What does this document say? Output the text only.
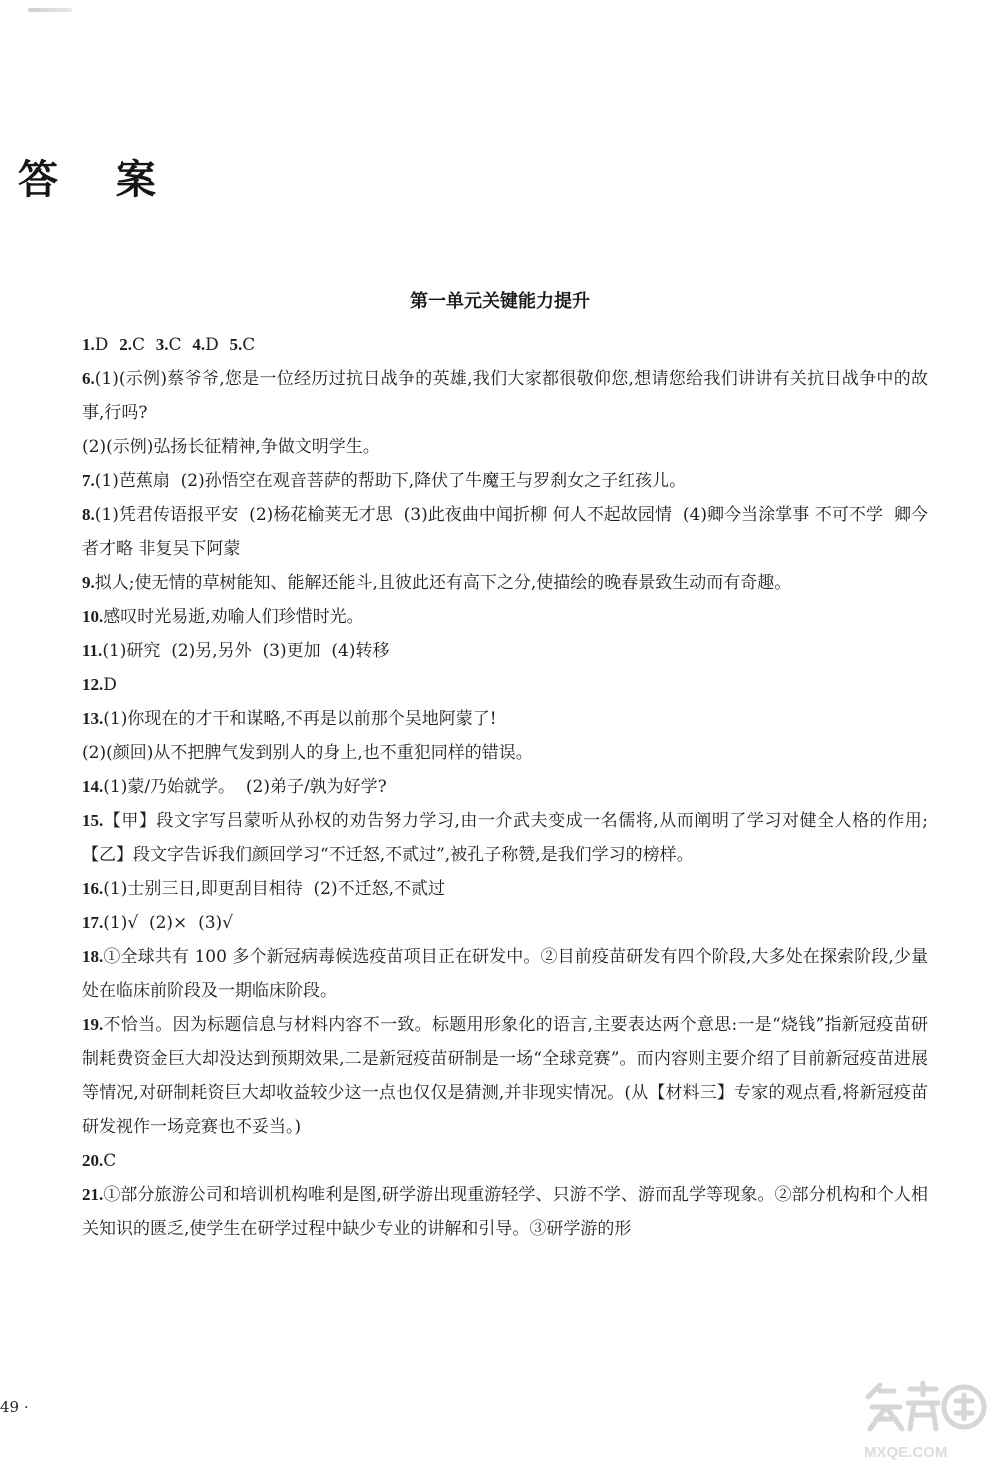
答 案
第一单元关键能力提升

1.D  2.C  3.C  4.D  5.C

6.(1)(示例)蔡爷爷,您是一位经历过抗日战争的英雄,我们大家都很敬仰您,想请您给我们讲讲有关抗日战争中的故事,行吗?

(2)(示例)弘扬长征精神,争做文明学生。

7.(1)芭蕉扇  (2)孙悟空在观音菩萨的帮助下,降伏了牛魔王与罗刹女之子红孩儿。

8.(1)凭君传语报平安  (2)杨花榆荚无才思  (3)此夜曲中闻折柳 何人不起故园情  (4)卿今当涂掌事 不可不学  卿今者才略 非复吴下阿蒙

9.拟人;使无情的草树能知、能解还能斗,且彼此还有高下之分,使描绘的晚春景致生动而有奇趣。

10.感叹时光易逝,劝喻人们珍惜时光。

11.(1)研究  (2)另,另外  (3)更加  (4)转移

12.D

13.(1)你现在的才干和谋略,不再是以前那个吴地阿蒙了!

(2)(颜回)从不把脾气发到别人的身上,也不重犯同样的错误。

14.(1)蒙/乃始就学。  (2)弟子/孰为好学?

15.【甲】段文字写吕蒙听从孙权的劝告努力学习,由一介武夫变成一名儒将,从而阐明了学习对健全人格的作用;【乙】段文字告诉我们颜回学习“不迁怒,不贰过”,被孔子称赞,是我们学习的榜样。

16.(1)士别三日,即更刮目相待  (2)不迁怒,不贰过

17.(1)√  (2)×  (3)√

18.①全球共有 100 多个新冠病毒候选疫苗项目正在研发中。②目前疫苗研发有四个阶段,大多处在探索阶段,少量处在临床前阶段及一期临床阶段。

19.不恰当。因为标题信息与材料内容不一致。标题用形象化的语言,主要表达两个意思:一是“烧钱”指新冠疫苗研制耗费资金巨大却没达到预期效果,二是新冠疫苗研制是一场“全球竞赛”。而内容则主要介绍了目前新冠疫苗进展等情况,对研制耗资巨大却收益较少这一点也仅仅是猜测,并非现实情况。(从【材料三】专家的观点看,将新冠疫苗研发视作一场竞赛也不妥当。)

20.C

21.①部分旅游公司和培训机构唯利是图,研学游出现重游轻学、只游不学、游而乱学等现象。②部分机构和个人相关知识的匮乏,使学生在研学过程中缺少专业的讲解和引导。③研学游的形

49 ·
MXQE.COM
